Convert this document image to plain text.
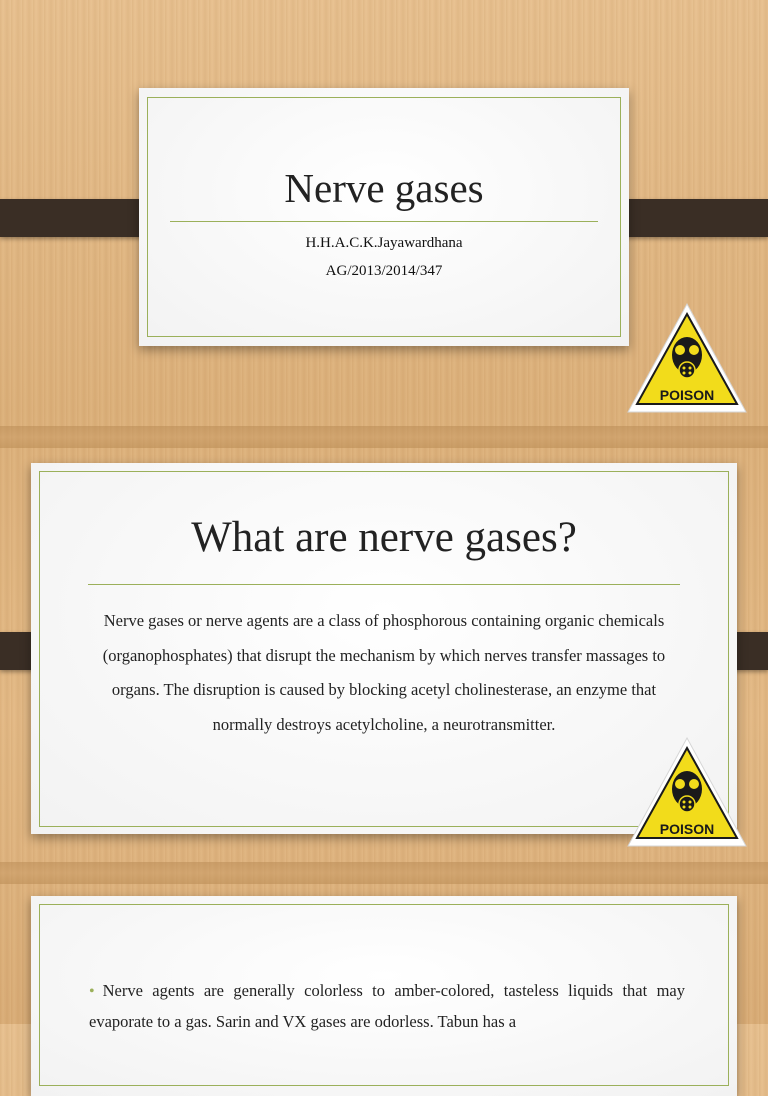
Nerve gases
H.H.A.C.K.Jayawardhana
AG/2013/2014/347
POISON
What are nerve gases?
Nerve gases or nerve agents are a class of phosphorous containing organic chemicals (organophosphates) that disrupt the mechanism by which nerves transfer massages to organs. The disruption is caused by blocking acetyl cholinesterase, an enzyme that normally destroys acetylcholine, a neurotransmitter.
POISON
• Nerve agents are generally colorless to amber-colored, tasteless liquids that may evaporate to a gas. Sarin and VX gases are odorless. Tabun has a
